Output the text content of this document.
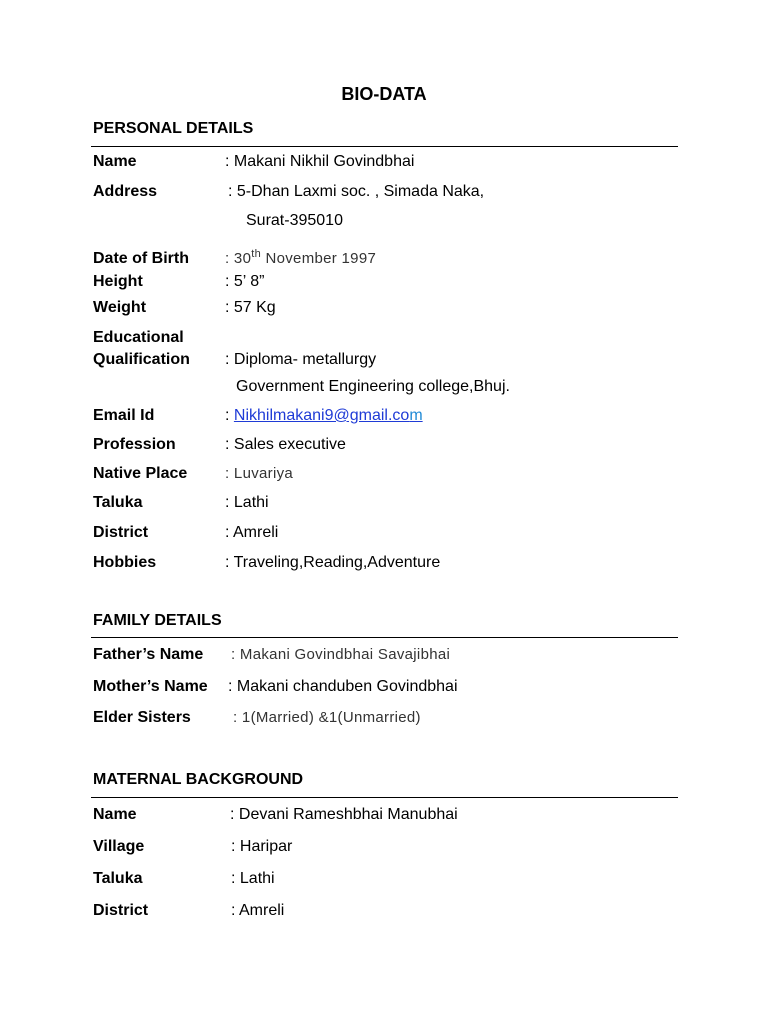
BIO-DATA
PERSONAL DETAILS
Name	: Makani Nikhil Govindbhai
Address	: 5-Dhan Laxmi soc. , Simada Naka,
Surat-395010
Date of Birth : 30th November 1997
Height	: 5’ 8”
Weight	: 57 Kg
Educational
Qualification : Diploma- metallurgy
Government Engineering college,Bhuj.
Email Id	: Nikhilmakani9@gmail.com
Profession	: Sales executive
Native Place	: Luvariya
Taluka	: Lathi
District	: Amreli
Hobbies	: Traveling,Reading,Adventure
FAMILY DETAILS
Father’s Name : Makani Govindbhai Savajibhai
Mother’s Name : Makani chanduben Govindbhai
Elder Sisters	: 1(Married) &1(Unmarried)
MATERNAL BACKGROUND
Name	: Devani Rameshbhai Manubhai
Village	: Haripar
Taluka	: Lathi
District	: Amreli
